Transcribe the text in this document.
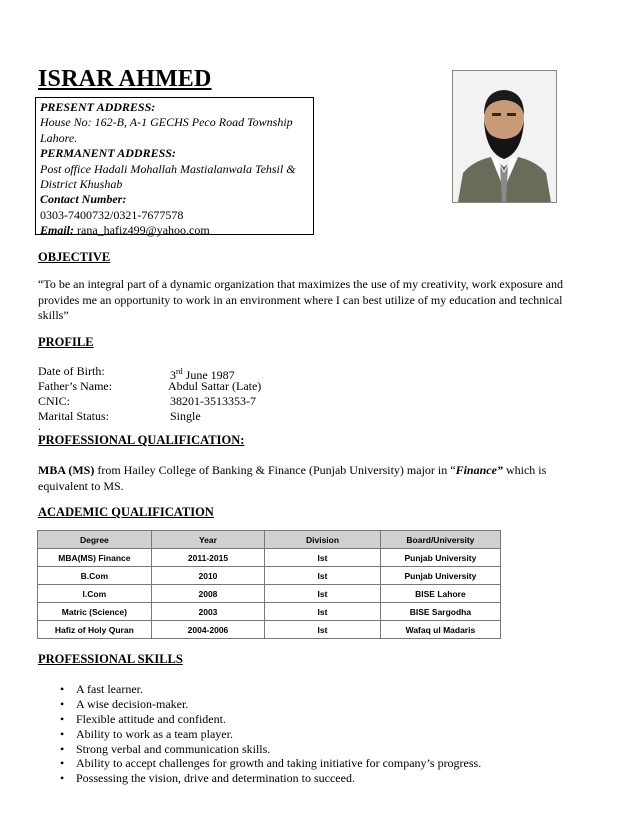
ISRAR AHMED
PRESENT ADDRESS:
House No: 162-B, A-1 GECHS Peco Road Township
Lahore.
PERMANENT ADDRESS:
Post office Hadali Mohallah Mastialanwala Tehsil &
District Khushab
Contact Number:
0303-7400732/0321-7677578
Email: rana_hafiz499@yahoo.com
OBJECTIVE
“To be an integral part of a dynamic organization that maximizes the use of my creativity, work exposure and
provides me an opportunity to work in an environment where I can best utilize of my education and technical
skills”
PROFILE
Date of Birth:	3rd June 1987
Father’s Name:	Abdul Sattar (Late)
CNIC:	38201-3513353-7
Marital Status:	Single
.
PROFESSIONAL QUALIFICATION:
MBA (MS) from Hailey College of Banking & Finance (Punjab University) major in “Finance” which is
equivalent to MS.
ACADEMIC QUALIFICATION
Degree	Year	Division	Board/University
MBA(MS) Finance	2011-2015	Ist	Punjab University
B.Com	2010	Ist	Punjab University
I.Com	2008	Ist	BISE Lahore
Matric (Science)	2003	Ist	BISE Sargodha
Hafiz of Holy Quran	2004-2006	Ist	Wafaq ul Madaris
PROFESSIONAL SKILLS
• A fast learner.
• A wise decision-maker.
• Flexible attitude and confident.
• Ability to work as a team player.
• Strong verbal and communication skills.
• Ability to accept challenges for growth and taking initiative for company’s progress.
• Possessing the vision, drive and determination to succeed.
